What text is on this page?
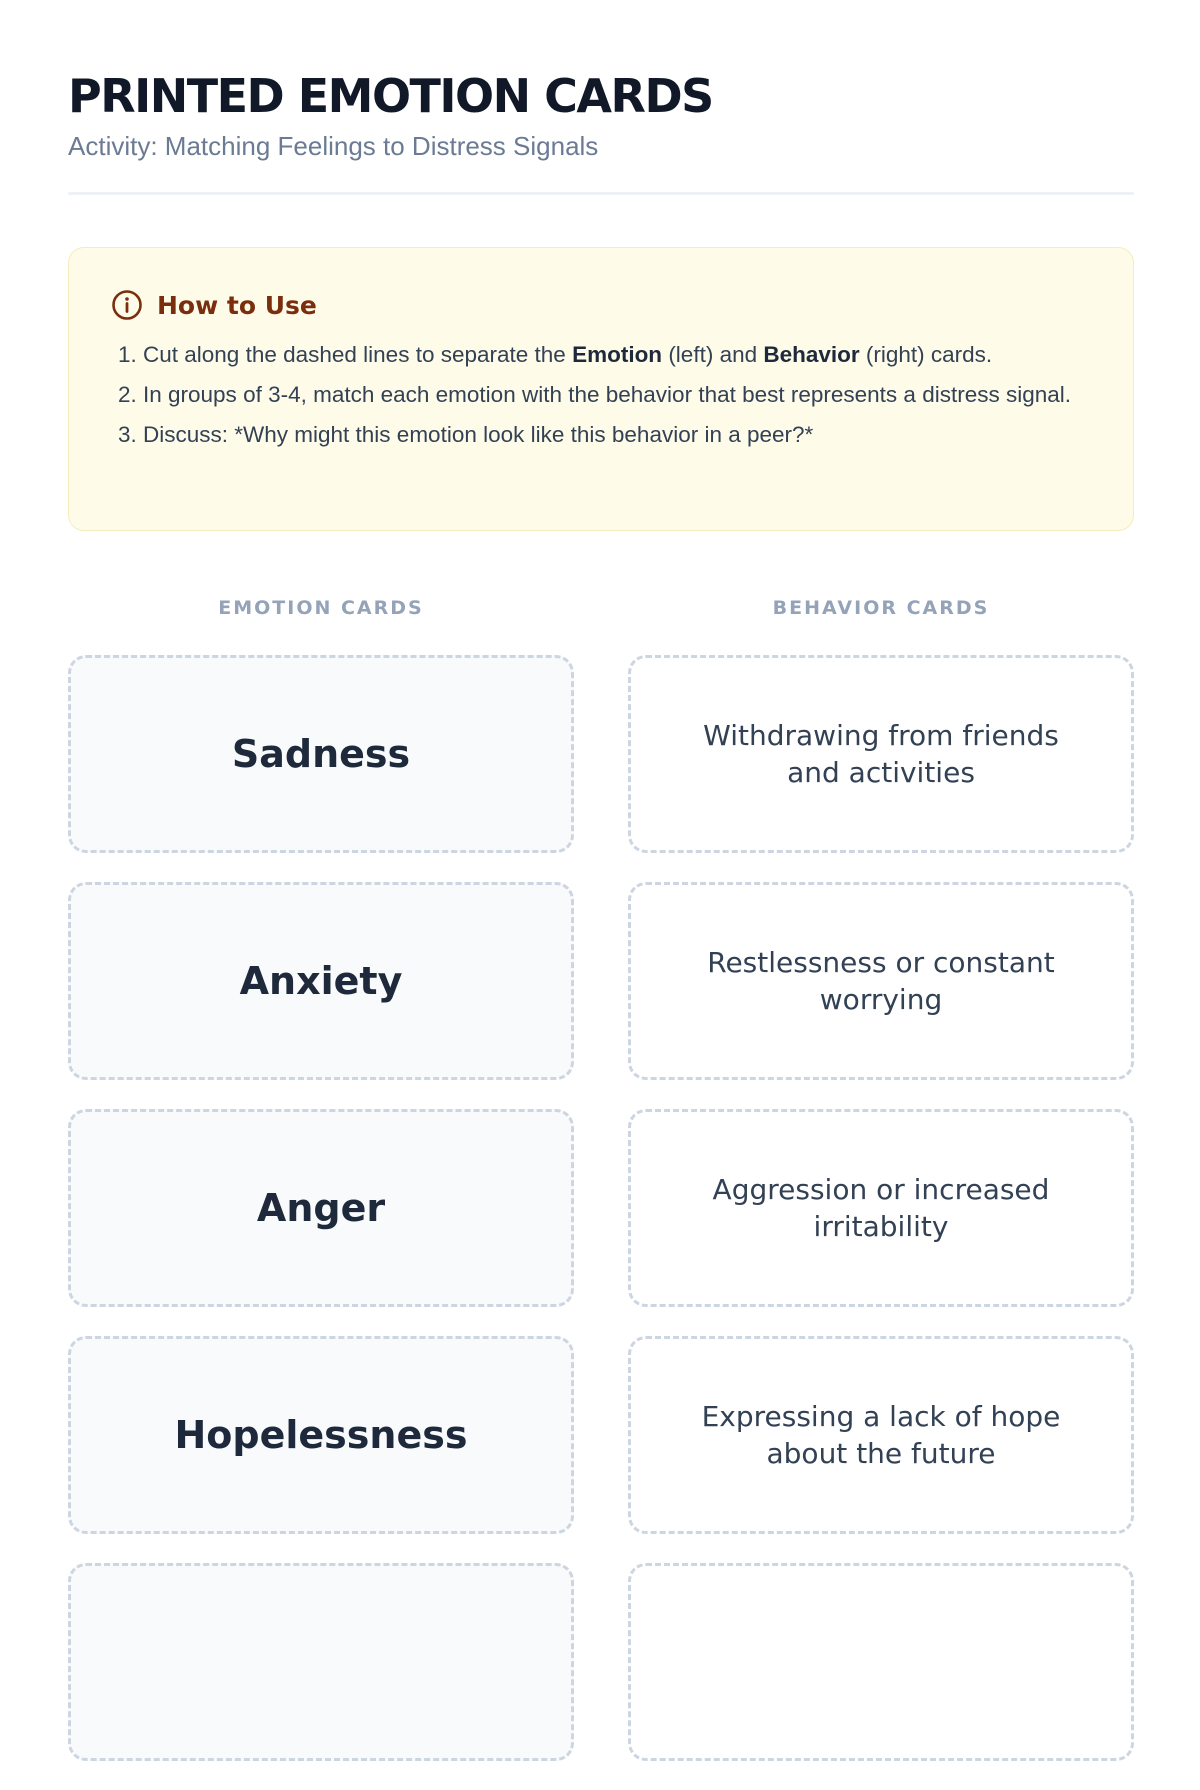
PRINTED EMOTION CARDS
Activity: Matching Feelings to Distress Signals
How to Use
1. Cut along the dashed lines to separate the Emotion (left) and Behavior (right) cards.
2. In groups of 3-4, match each emotion with the behavior that best represents a distress signal.
3. Discuss: *Why might this emotion look like this behavior in a peer?*
EMOTION CARDS	BEHAVIOR CARDS
Sadness	Withdrawing from friends and activities
Anxiety	Restlessness or constant worrying
Anger	Aggression or increased irritability
Hopelessness	Expressing a lack of hope about the future
